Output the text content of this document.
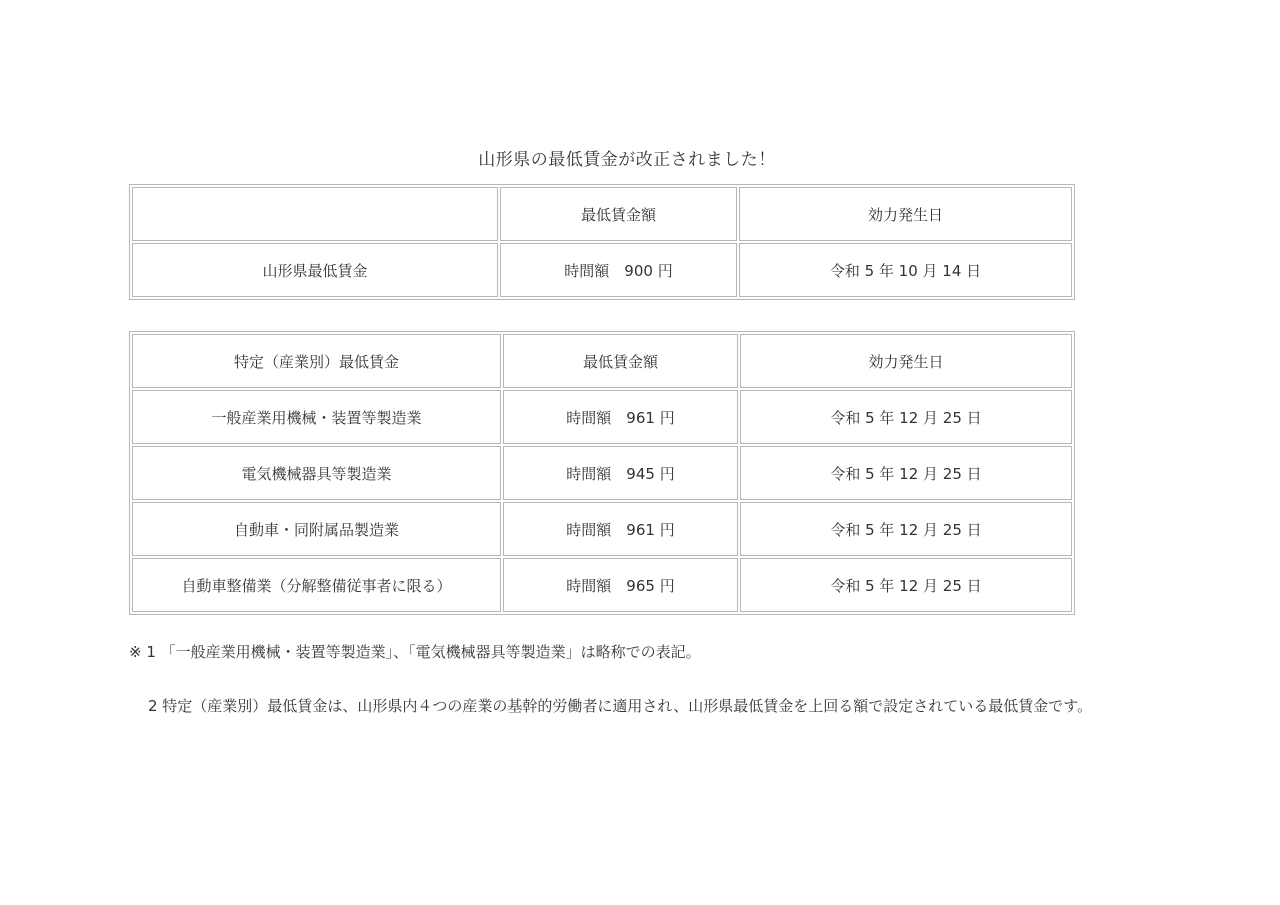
山形県の最低賃金が改正されました！
	最低賃金額	効力発生日
山形県最低賃金	時間額　900 円	令和 5 年 10 月 14 日
特定（産業別）最低賃金	最低賃金額	効力発生日
一般産業用機械・装置等製造業	時間額　961 円	令和 5 年 12 月 25 日
電気機械器具等製造業	時間額　945 円	令和 5 年 12 月 25 日
自動車・同附属品製造業	時間額　961 円	令和 5 年 12 月 25 日
自動車整備業（分解整備従事者に限る）	時間額　965 円	令和 5 年 12 月 25 日
※ 1 「一般産業用機械・装置等製造業」、「電気機械器具等製造業」は略称での表記。
2 特定（産業別）最低賃金は、山形県内４つの産業の基幹的労働者に適用され、山形県最低賃金を上回る額で設定されている最低賃金です。
